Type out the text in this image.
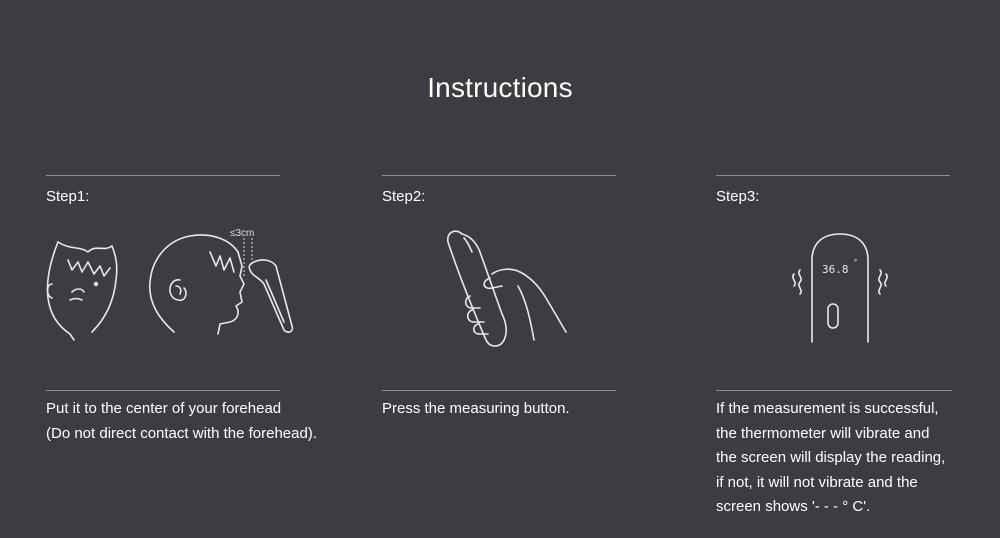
Instructions
Step1:	Step2:	Step3:
≤3cm
36.8
°
Put it to the center of your forehead
(Do not direct contact with the forehead).
Press the measuring button.	If the measurement is successful,
the thermometer will vibrate and
the screen will display the reading,
if not, it will not vibrate and the
screen shows '- - - ° C'.
